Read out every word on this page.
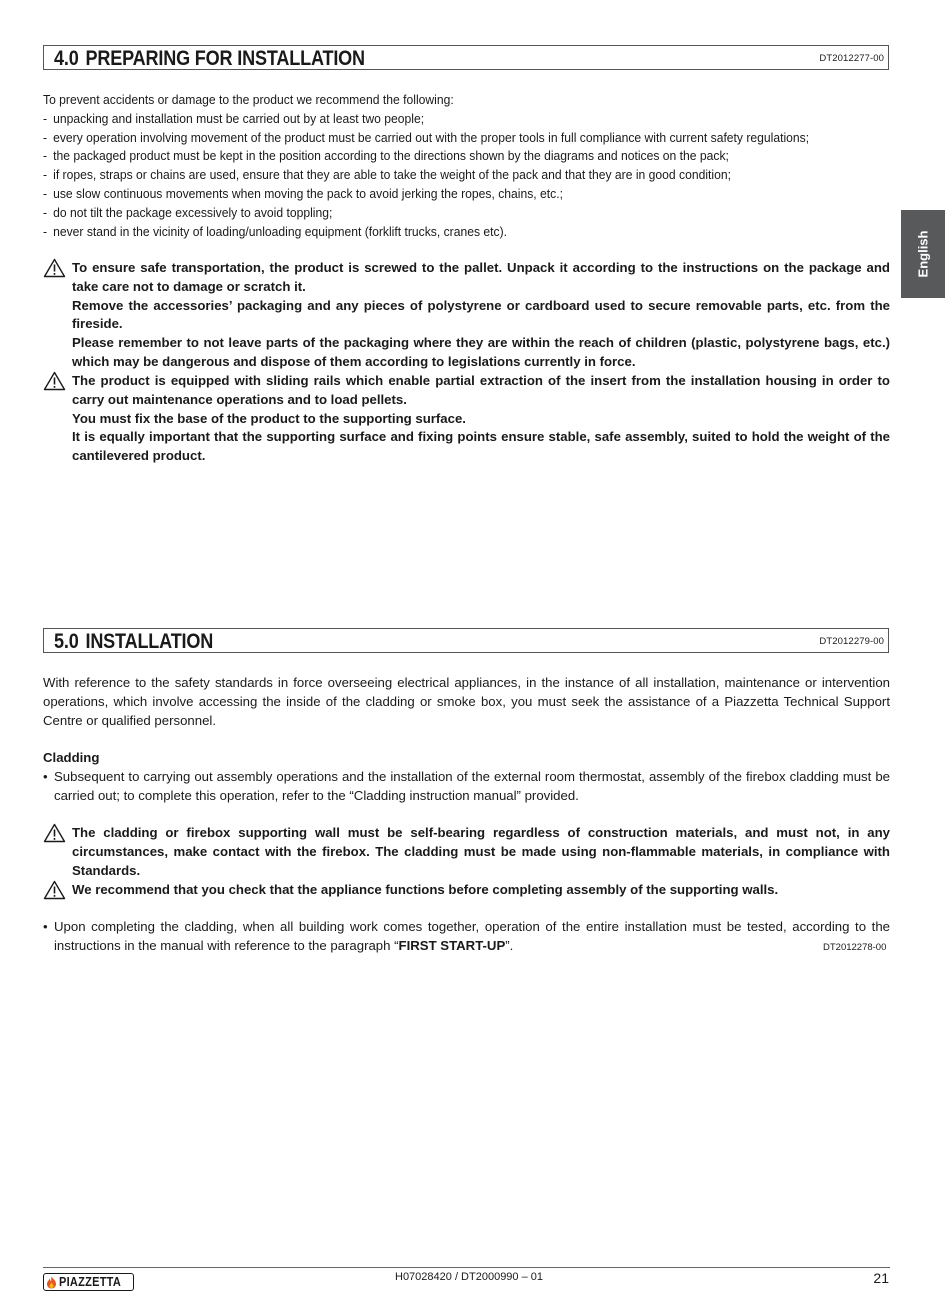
4.0 PREPARING FOR INSTALLATION	DT2012277-00
To prevent accidents or damage to the product we recommend the following:
- unpacking and installation must be carried out by at least two people;
- every operation involving movement of the product must be carried out with the proper tools in full compliance with current safety regulations;
- the packaged product must be kept in the position according to the directions shown by the diagrams and notices on the pack;
- if ropes, straps or chains are used, ensure that they are able to take the weight of the pack and that they are in good condition;
- use slow continuous movements when moving the pack to avoid jerking the ropes, chains, etc.;
- do not tilt the package excessively to avoid toppling;
- never stand in the vicinity of loading/unloading equipment (forklift trucks, cranes etc).

To ensure safe transportation, the product is screwed to the pallet. Unpack it according to the instructions on the package and take care not to damage or scratch it.

Remove the accessories’ packaging and any pieces of polystyrene or cardboard used to secure removable parts, etc. from the fireside.

Please remember to not leave parts of the packaging where they are within the reach of children (plastic, polystyrene bags, etc.) which may be dangerous and dispose of them according to legislations currently in force.

The product is equipped with sliding rails which enable partial extraction of the insert from the installation housing in order to carry out maintenance operations and to load pellets.

You must fix the base of the product to the supporting surface.

It is equally important that the supporting surface and fixing points ensure stable, safe assembly, suited to hold the weight of the cantilevered product.

5.0 INSTALLATION	DT2012279-00
With reference to the safety standards in force overseeing electrical appliances, in the instance of all installation, maintenance or intervention operations, which involve accessing the inside of the cladding or smoke box, you must seek the assistance of a Piazzetta Technical Support Centre or qualified personnel.
Cladding
• Subsequent to carrying out assembly operations and the installation of the external room thermostat, assembly of the firebox cladding must be carried out; to complete this operation, refer to the “Cladding instruction manual” provided.
The cladding or firebox supporting wall must be self-bearing regardless of construction materials, and must not, in any circumstances, make contact with the firebox. The cladding must be made using non-flammable materials, in compliance with Standards.
We recommend that you check that the appliance functions before completing assembly of the supporting walls.
• Upon completing the cladding, when all building work comes together, operation of the entire installation must be tested, according to the instructions in the manual with reference to the paragraph “FIRST START-UP”.	DT2012278-00
English
PIAZZETTA	H07028420 / DT2000990 – 01	21
